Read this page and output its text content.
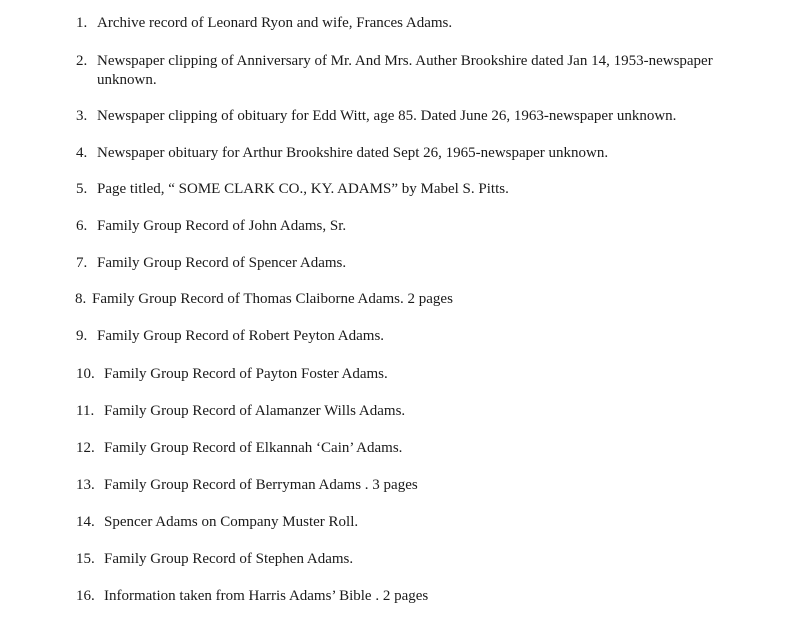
1. Archive record of Leonard Ryon and wife, Frances Adams.
2. Newspaper clipping of Anniversary of Mr. And Mrs. Auther Brookshire dated Jan 14, 1953-newspaper
unknown.
3. Newspaper clipping of obituary for Edd Witt, age 85. Dated June 26, 1963-newspaper unknown.
4. Newspaper obituary for Arthur Brookshire dated Sept 26, 1965-newspaper unknown.
5. Page titled, “ SOME CLARK CO., KY. ADAMS” by Mabel S. Pitts.
6. Family Group Record of John Adams, Sr.
7. Family Group Record of Spencer Adams.
8. Family Group Record of Thomas Claiborne Adams. 2 pages
9. Family Group Record of Robert Peyton Adams.
10. Family Group Record of Payton Foster Adams.
11. Family Group Record of Alamanzer Wills Adams.
12. Family Group Record of Elkannah ‘Cain’ Adams.
13. Family Group Record of Berryman Adams . 3 pages
14. Spencer Adams on Company Muster Roll.
15. Family Group Record of Stephen Adams.
16. Information taken from Harris Adams’ Bible . 2 pages
